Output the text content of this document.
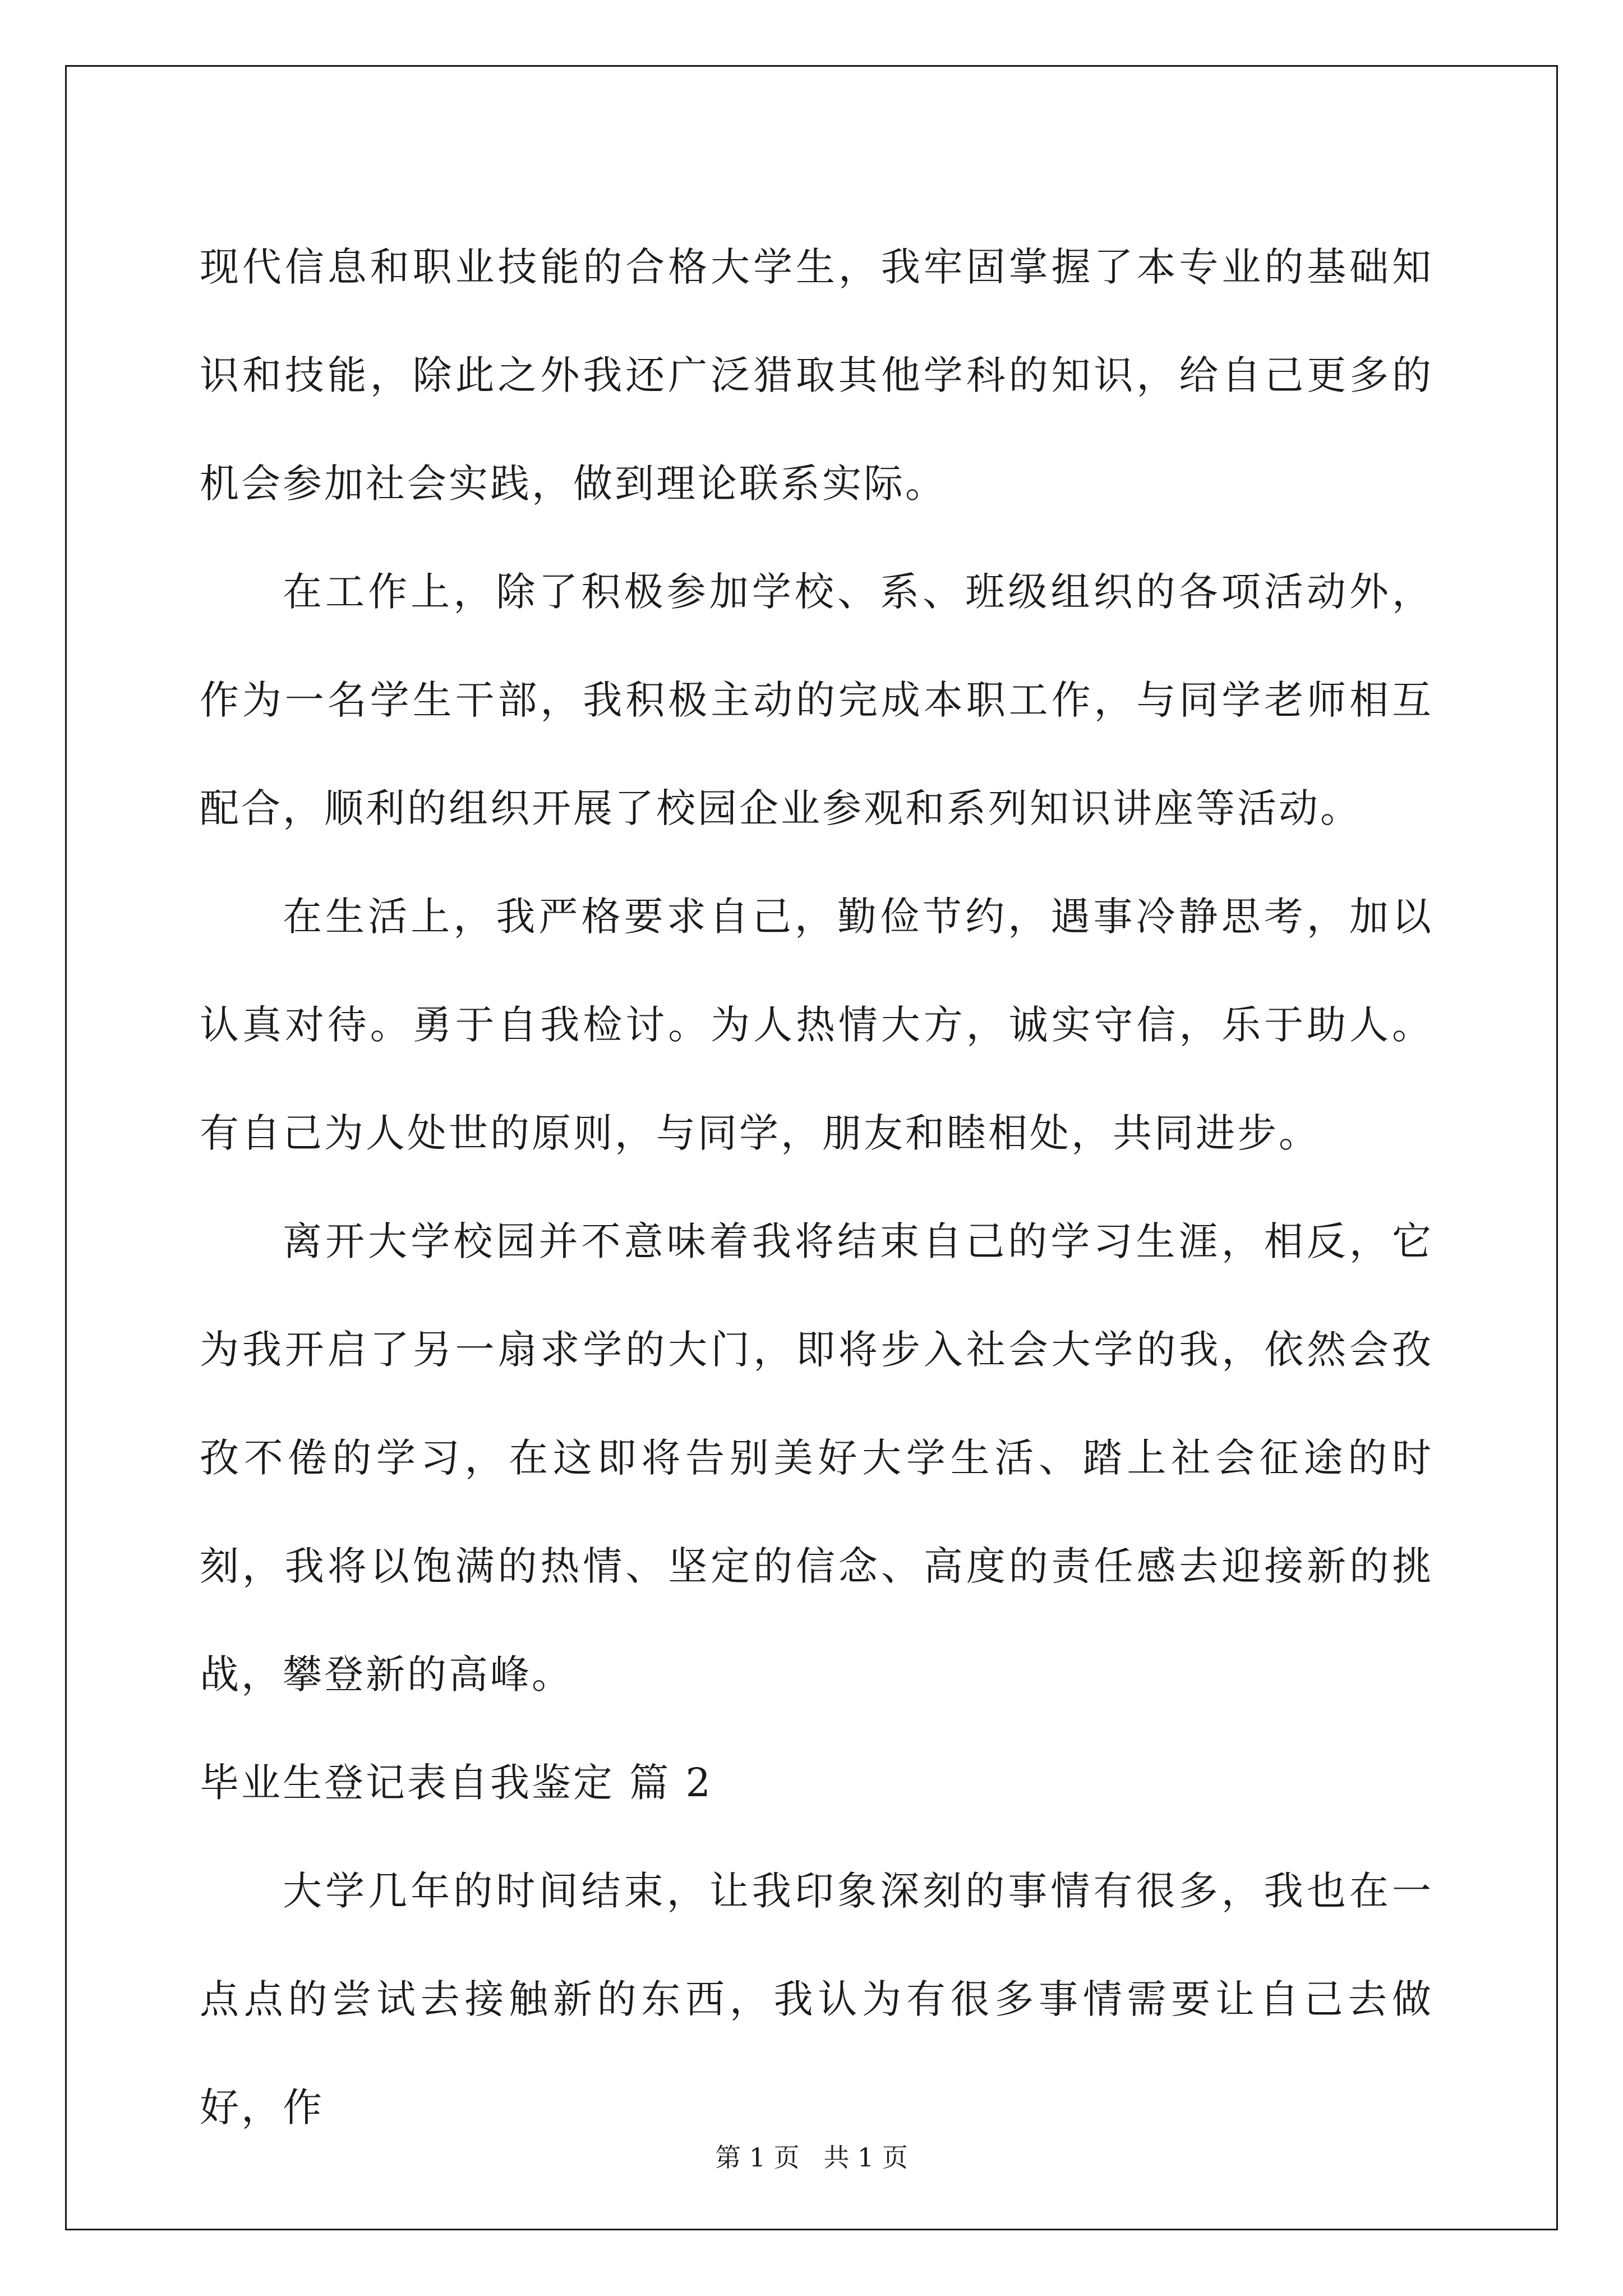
现代信息和职业技能的合格大学生，我牢固掌握了本专业的基础知识和技能，除此之外我还广泛猎取其他学科的知识，给自己更多的机会参加社会实践，做到理论联系实际。

在工作上，除了积极参加学校、系、班级组织的各项活动外，作为一名学生干部，我积极主动的完成本职工作，与同学老师相互配合，顺利的组织开展了校园企业参观和系列知识讲座等活动。

在生活上，我严格要求自己，勤俭节约，遇事冷静思考，加以认真对待。勇于自我检讨。为人热情大方，诚实守信，乐于助人。有自己为人处世的原则，与同学，朋友和睦相处，共同进步。

离开大学校园并不意味着我将结束自己的学习生涯，相反，它为我开启了另一扇求学的大门，即将步入社会大学的我，依然会孜孜不倦的学习，在这即将告别美好大学生活、踏上社会征途的时刻，我将以饱满的热情、坚定的信念、高度的责任感去迎接新的挑战，攀登新的高峰。

毕业生登记表自我鉴定 篇 2

大学几年的时间结束，让我印象深刻的事情有很多，我也在一点点的尝试去接触新的东西，我认为有很多事情需要让自己去做好，作

第 1 页 共 1 页
